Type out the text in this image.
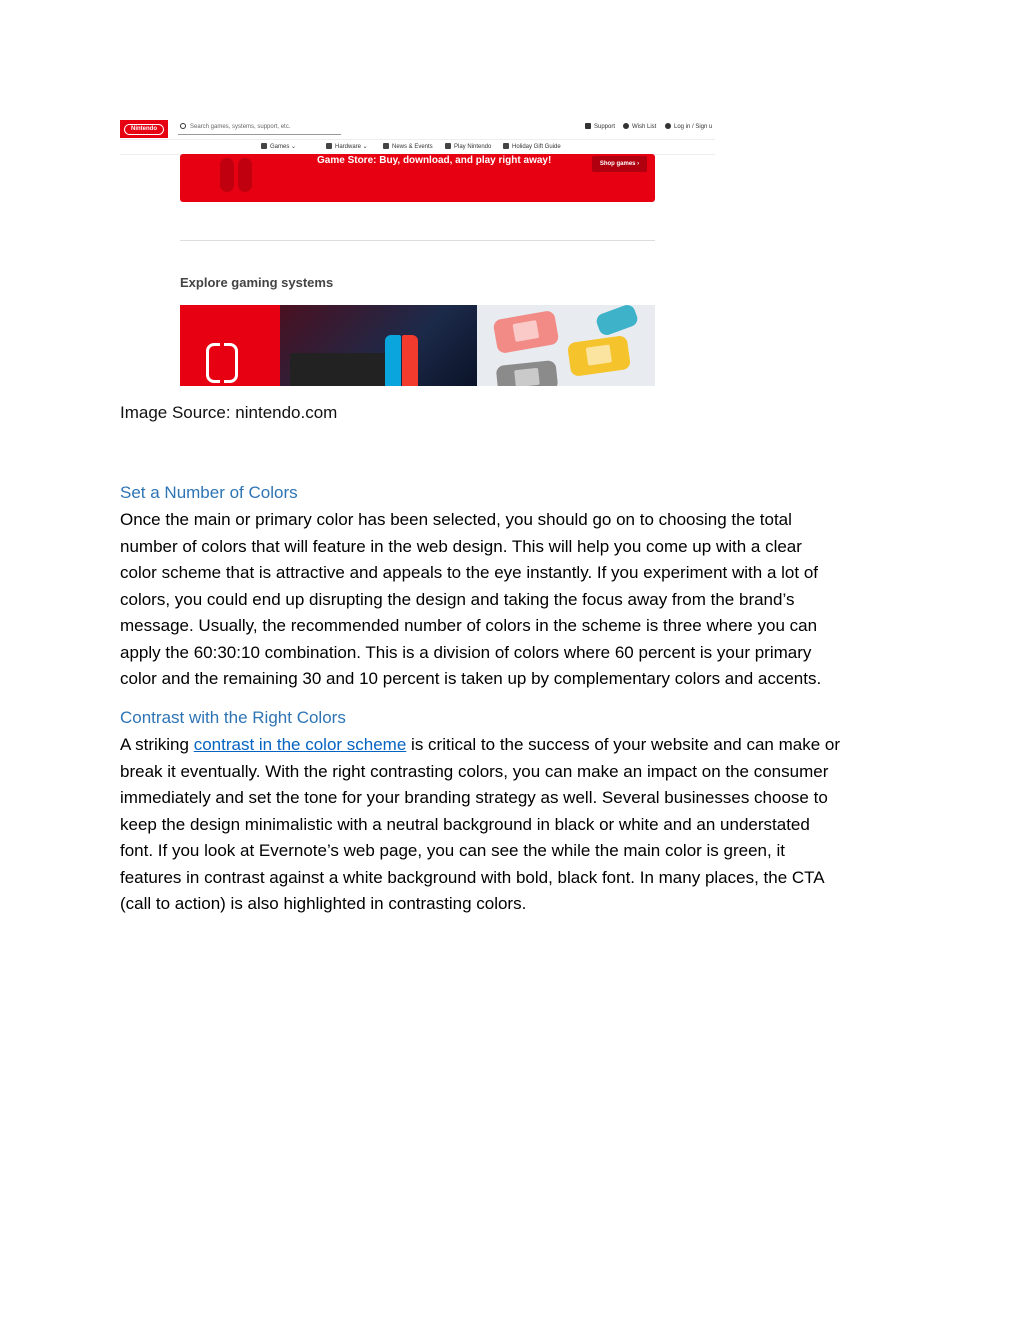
Nintendo	Search games, systems, support, etc.	Support	Wish List	Log in / Sign u
Games ⌄	Hardware ⌄	News & Events	Play Nintendo	Holiday Gift Guide
Game Store: Buy, download, and play right away!	Shop games ›
Explore gaming systems
Image Source: nintendo.com
Set a Number of Colors
Once the main or primary color has been selected, you should go on to choosing the total
number of colors that will feature in the web design. This will help you come up with a clear
color scheme that is attractive and appeals to the eye instantly. If you experiment with a lot of
colors, you could end up disrupting the design and taking the focus away from the brand’s
message. Usually, the recommended number of colors in the scheme is three where you can
apply the 60:30:10 combination. This is a division of colors where 60 percent is your primary
color and the remaining 30 and 10 percent is taken up by complementary colors and accents.
Contrast with the Right Colors
A striking contrast in the color scheme is critical to the success of your website and can make or
break it eventually. With the right contrasting colors, you can make an impact on the consumer
immediately and set the tone for your branding strategy as well. Several businesses choose to
keep the design minimalistic with a neutral background in black or white and an understated
font. If you look at Evernote’s web page, you can see the while the main color is green, it
features in contrast against a white background with bold, black font. In many places, the CTA
(call to action) is also highlighted in contrasting colors.
